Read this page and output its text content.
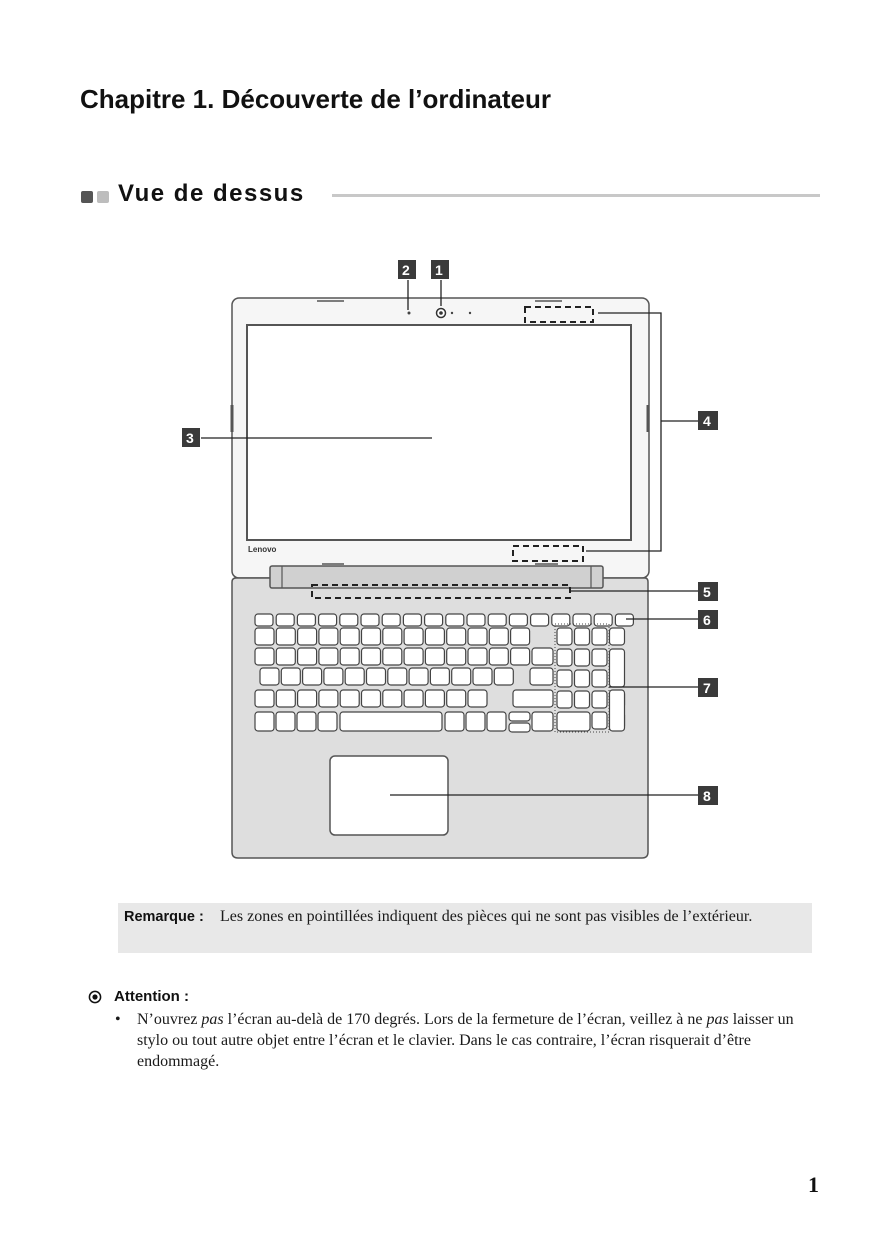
Chapitre 1. Découverte de l’ordinateur
Vue de dessus
Lenovo
1
2
3
4
5
6
7
8
Remarque : Les zones en pointillées indiquent des pièces qui ne sont pas visibles de l’extérieur.
Attention :
• N’ouvrez pas l’écran au-delà de 170 degrés. Lors de la fermeture de l’écran, veillez à ne pas laisser un stylo ou tout autre objet entre l’écran et le clavier. Dans le cas contraire, l’écran risquerait d’être endommagé.
1
